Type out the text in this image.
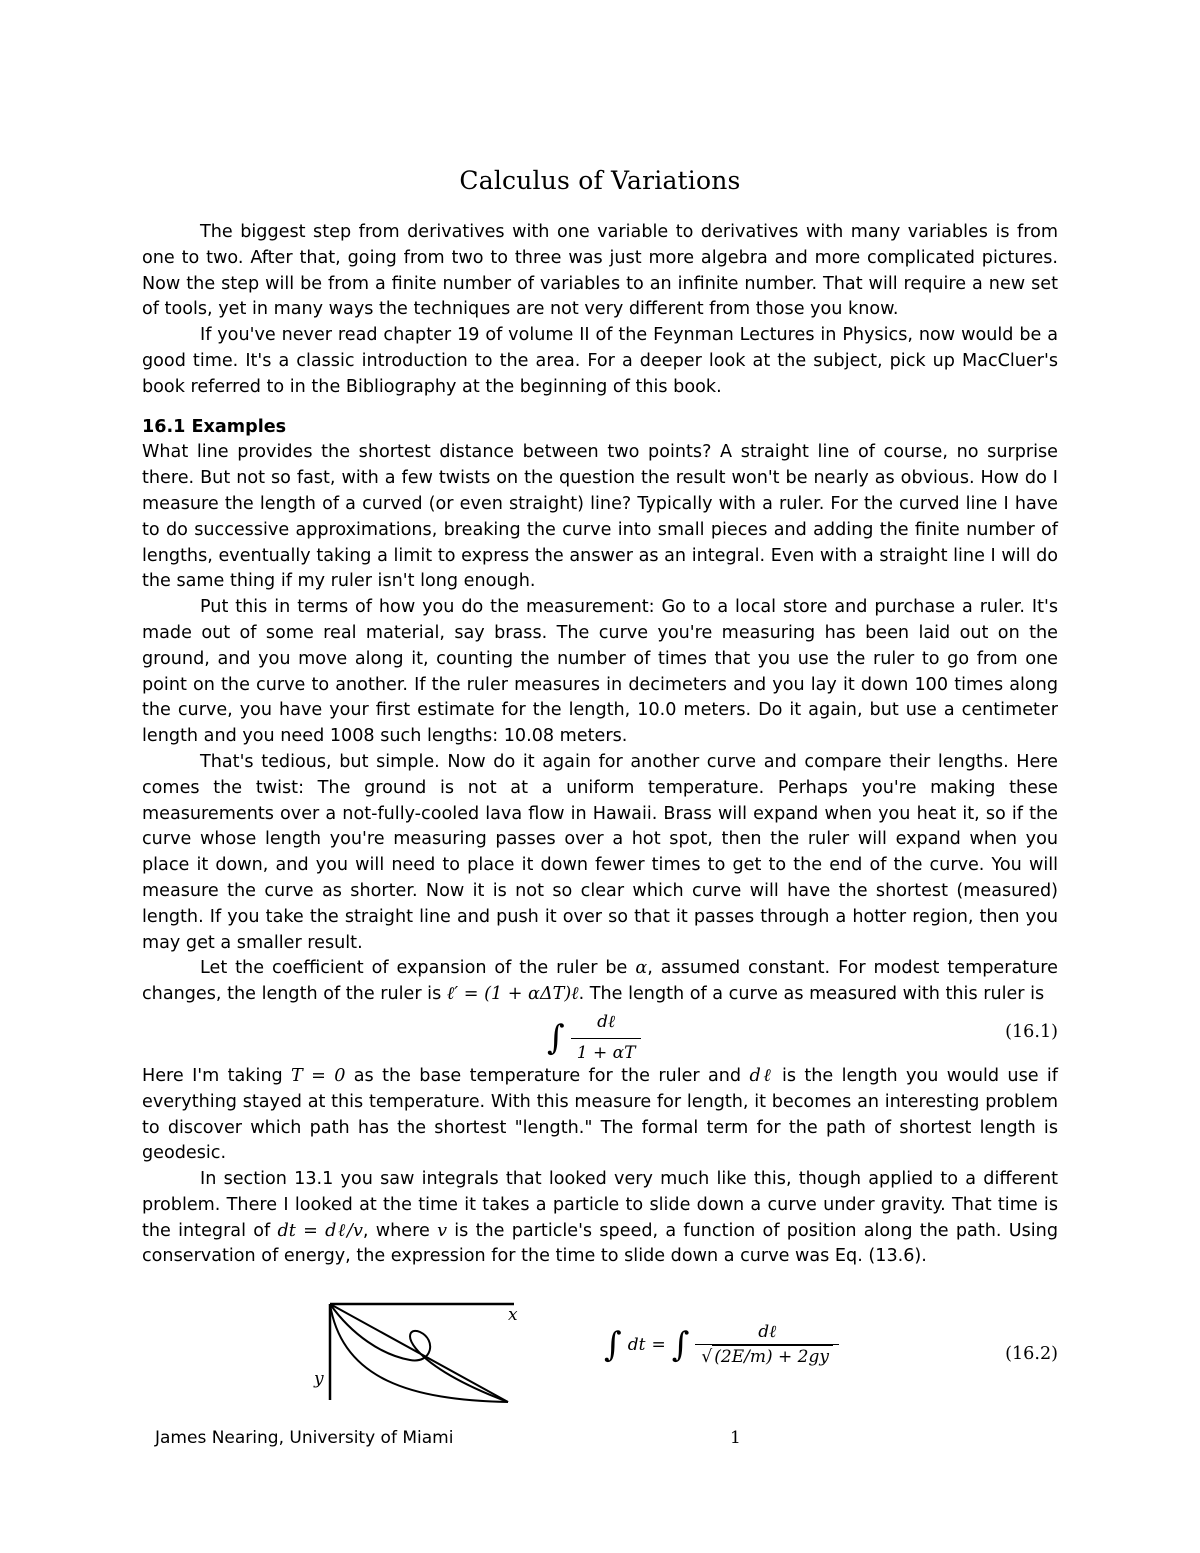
Calculus of Variations

The biggest step from derivatives with one variable to derivatives with many variables is from one to two. After that, going from two to three was just more algebra and more complicated pictures. Now the step will be from a finite number of variables to an infinite number. That will require a new set of tools, yet in many ways the techniques are not very different from those you know.

If you've never read chapter 19 of volume II of the Feynman Lectures in Physics, now would be a good time. It's a classic introduction to the area. For a deeper look at the subject, pick up MacCluer's book referred to in the Bibliography at the beginning of this book.

16.1 Examples

What line provides the shortest distance between two points? A straight line of course, no surprise there. But not so fast, with a few twists on the question the result won't be nearly as obvious. How do I measure the length of a curved (or even straight) line? Typically with a ruler. For the curved line I have to do successive approximations, breaking the curve into small pieces and adding the finite number of lengths, eventually taking a limit to express the answer as an integral. Even with a straight line I will do the same thing if my ruler isn't long enough.

Put this in terms of how you do the measurement: Go to a local store and purchase a ruler. It's made out of some real material, say brass. The curve you're measuring has been laid out on the ground, and you move along it, counting the number of times that you use the ruler to go from one point on the curve to another. If the ruler measures in decimeters and you lay it down 100 times along the curve, you have your first estimate for the length, 10.0 meters. Do it again, but use a centimeter length and you need 1008 such lengths: 10.08 meters.

That's tedious, but simple. Now do it again for another curve and compare their lengths. Here comes the twist: The ground is not at a uniform temperature. Perhaps you're making these measurements over a not-fully-cooled lava flow in Hawaii. Brass will expand when you heat it, so if the curve whose length you're measuring passes over a hot spot, then the ruler will expand when you place it down, and you will need to place it down fewer times to get to the end of the curve. You will measure the curve as shorter. Now it is not so clear which curve will have the shortest (measured) length. If you take the straight line and push it over so that it passes through a hotter region, then you may get a smaller result.

Let the coefficient of expansion of the ruler be α, assumed constant. For modest temperature changes, the length of the ruler is ℓ′ = (1 + αΔT)ℓ. The length of a curve as measured with this ruler is

∫ $\frac{\text{dℓ}}{1 + \alpha T}$	(16.1)

Here I'm taking T = 0 as the base temperature for the ruler and dℓ is the length you would use if everything stayed at this temperature. With this measure for length, it becomes an interesting problem to discover which path has the shortest "length." The formal term for the path of shortest length is geodesic.

In section 13.1 you saw integrals that looked very much like this, though applied to a different problem. There I looked at the time it takes a particle to slide down a curve under gravity. That time is the integral of dt = dℓ/v, where v is the particle's speed, a function of position along the path. Using conservation of energy, the expression for the time to slide down a curve was Eq. (13.6).

x
y
∫ dt = ∫ $\frac{\text{dℓ}}{√ (2E/m) + 2gy}$	(16.2)
James Nearing, University of Miami	1
